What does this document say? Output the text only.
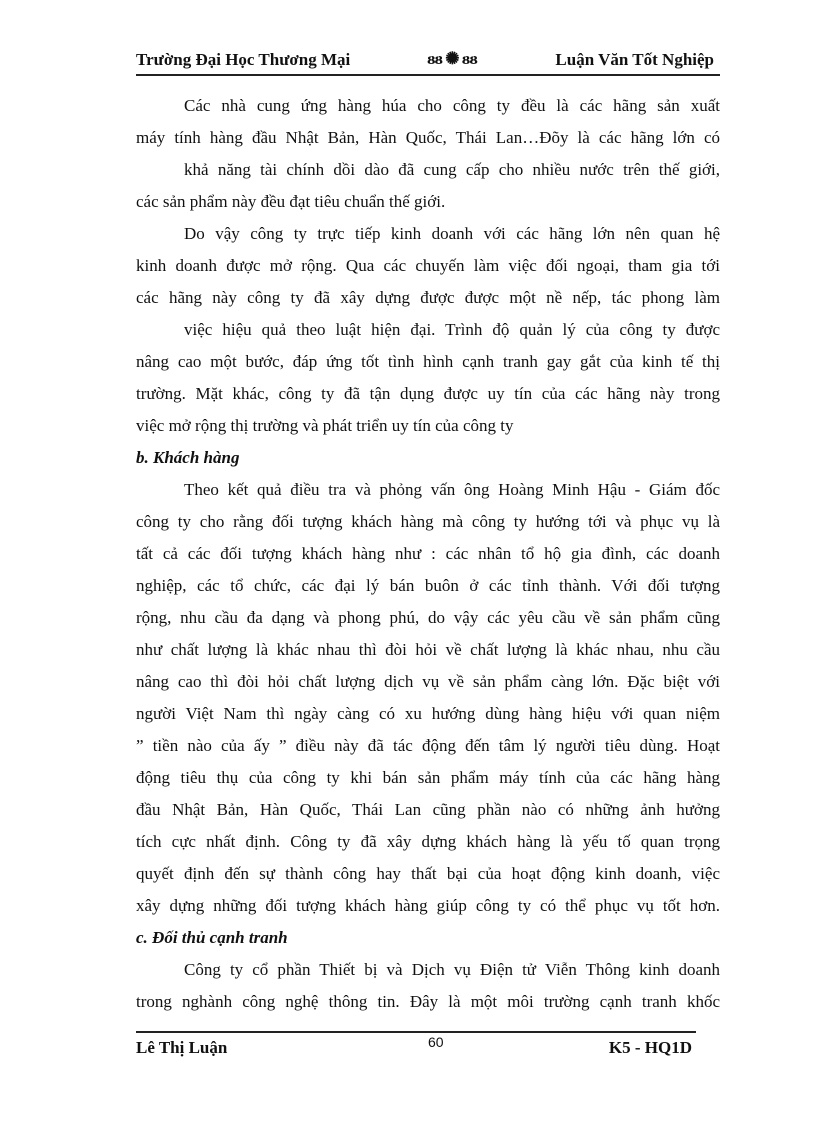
Trường Đại Học Thương Mại	ᴕᴕ ✺ ᴕᴕ	Luận Văn Tốt Nghiệp
Các nhà cung ứng hàng húa cho công ty đều là các hãng sản xuất
máy tính hàng đầu Nhật Bản, Hàn Quốc, Thái Lan…Đõy là các hãng lớn có
khả năng tài chính dồi dào đã cung cấp cho nhiều nước trên thế giới,
các sản phẩm này đều đạt tiêu chuẩn thế giới.
Do vậy công ty trực tiếp kinh doanh với các hãng lớn nên quan hệ
kinh doanh được mở rộng. Qua các chuyến làm việc đối ngoại, tham gia tới
các hãng này công ty đã xây dựng được được một nề nếp, tác phong làm
việc hiệu quả theo luật hiện đại. Trình độ quản lý của công ty được
nâng cao một bước, đáp ứng tốt tình hình cạnh tranh gay gắt của kinh tế thị
trường. Mặt khác, công ty đã tận dụng được uy tín của các hãng này trong
việc mở rộng thị trường và phát triển uy tín của công ty
b. Khách hàng
Theo kết quả điều tra và phỏng vấn ông Hoàng Minh Hậu - Giám đốc
công ty cho rằng đối tượng khách hàng mà công ty hướng tới và phục vụ là
tất cả các đối tượng khách hàng như : các nhân tổ hộ gia đình, các doanh
nghiệp, các tổ chức, các đại lý bán buôn ở các tỉnh thành. Với đối tượng
rộng, nhu cầu đa dạng và phong phú, do vậy các yêu cầu về sản phẩm cũng
như chất lượng là khác nhau thì đòi hỏi về chất lượng là khác nhau, nhu cầu
nâng cao thì đòi hỏi chất lượng dịch vụ về sản phẩm càng lớn. Đặc biệt với
người Việt Nam thì ngày càng có xu hướng dùng hàng hiệu với quan niệm
” tiền nào của ấy ” điều này đã tác động đến tâm lý người tiêu dùng. Hoạt
động tiêu thụ của công ty khi bán sản phẩm máy tính của các hãng hàng
đầu Nhật Bản, Hàn Quốc, Thái Lan cũng phần nào có những ảnh hưởng
tích cực nhất định. Công ty đã xây dựng khách hàng là yếu tố quan trọng
quyết định đến sự thành công hay thất bại của hoạt động kinh doanh, việc
xây dựng những đối tượng khách hàng giúp công ty có thể phục vụ tốt hơn.
c. Đối thủ cạnh tranh
Công ty cổ phần Thiết bị và Dịch vụ Điện tử Viễn Thông kinh doanh
trong nghành công nghệ thông tin. Đây là một môi trường cạnh tranh khốc
Lê Thị Luận	60	K5 - HQ1D
